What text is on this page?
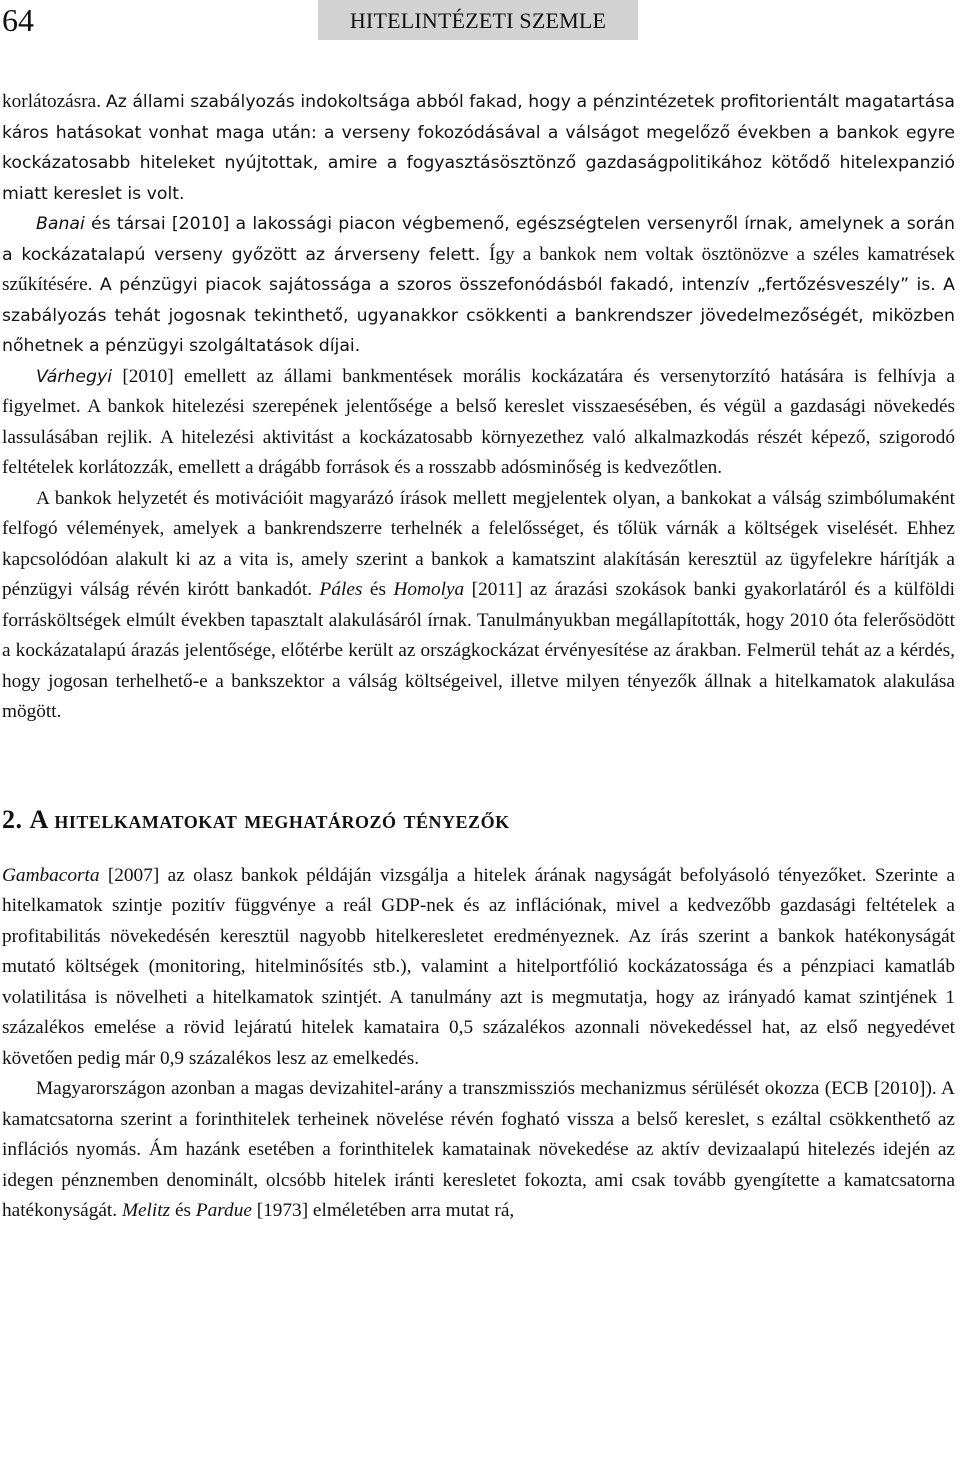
64	HITELINTÉZETI SZEMLE

korlátozásra. Az állami szabályozás indokoltsága abból fakad, hogy a pénzintézetek profitorientált magatartása káros hatásokat vonhat maga után: a verseny fokozódásával a válságot megelőző években a bankok egyre kockázatosabb hiteleket nyújtottak, amire a fogyasztásösztönző gazdaságpolitikához kötődő hitelexpanzió miatt kereslet is volt.

Banai és társai [2010] a lakossági piacon végbemenő, egészségtelen versenyről írnak, amelynek a során a kockázatalapú verseny győzött az árverseny felett. Így a bankok nem voltak ösztönözve a széles kamatrések szűkítésére. A pénzügyi piacok sajátossága a szoros összefonódásból fakadó, intenzív „fertőzésveszély” is. A szabályozás tehát jogosnak tekinthető, ugyanakkor csökkenti a bankrendszer jövedelmezőségét, miközben nőhetnek a pénzügyi szolgáltatások díjai.

Várhegyi [2010] emellett az állami bankmentések morális kockázatára és versenytorzító hatására is felhívja a figyelmet. A bankok hitelezési szerepének jelentősége a belső kereslet visszaesésében, és végül a gazdasági növekedés lassulásában rejlik. A hitelezési aktivitást a kockázatosabb környezethez való alkalmazkodás részét képező, szigorodó feltételek korlátozzák, emellett a drágább források és a rosszabb adósminőség is kedvezőtlen.

A bankok helyzetét és motivációit magyarázó írások mellett megjelentek olyan, a bankokat a válság szimbólumaként felfogó vélemények, amelyek a bankrendszerre terhelnék a felelősséget, és tőlük várnák a költségek viselését. Ehhez kapcsolódóan alakult ki az a vita is, amely szerint a bankok a kamatszint alakításán keresztül az ügyfelekre hárítják a pénzügyi válság révén kirótt bankadót. Páles és Homolya [2011] az árazási szokások banki gyakorlatáról és a külföldi forrásköltségek elmúlt években tapasztalt alakulásáról írnak. Tanulmányukban megállapították, hogy 2010 óta felerősödött a kockázatalapú árazás jelentősége, előtérbe került az országkockázat érvényesítése az árakban. Felmerül tehát az a kérdés, hogy jogosan terhelhető-e a bankszektor a válság költségeivel, illetve milyen tényezők állnak a hitelkamatok alakulása mögött.

2. A hitelkamatokat meghatározó tényezők

Gambacorta [2007] az olasz bankok példáján vizsgálja a hitelek árának nagyságát befolyásoló tényezőket. Szerinte a hitelkamatok szintje pozitív függvénye a reál GDP-nek és az inflációnak, mivel a kedvezőbb gazdasági feltételek a profitabilitás növekedésén keresztül nagyobb hitelkeresletet eredményeznek. Az írás szerint a bankok hatékonyságát mutató költségek (monitoring, hitelminősítés stb.), valamint a hitelportfólió kockázatossága és a pénzpiaci kamatláb volatilitása is növelheti a hitelkamatok szintjét. A tanulmány azt is megmutatja, hogy az irányadó kamat szintjének 1 százalékos emelése a rövid lejáratú hitelek kamataira 0,5 százalékos azonnali növekedéssel hat, az első negyedévet követően pedig már 0,9 százalékos lesz az emelkedés.

Magyarországon azonban a magas devizahitel-arány a transzmissziós mechanizmus sérülését okozza (ECB [2010]). A kamatcsatorna szerint a forinthitelek terheinek növelése révén fogható vissza a belső kereslet, s ezáltal csökkenthető az inflációs nyomás. Ám hazánk esetében a forinthitelek kamatainak növekedése az aktív devizaalapú hitelezés idején az idegen pénznemben denominált, olcsóbb hitelek iránti keresletet fokozta, ami csak tovább gyengítette a kamatcsatorna hatékonyságát. Melitz és Pardue [1973] elméletében arra mutat rá,
